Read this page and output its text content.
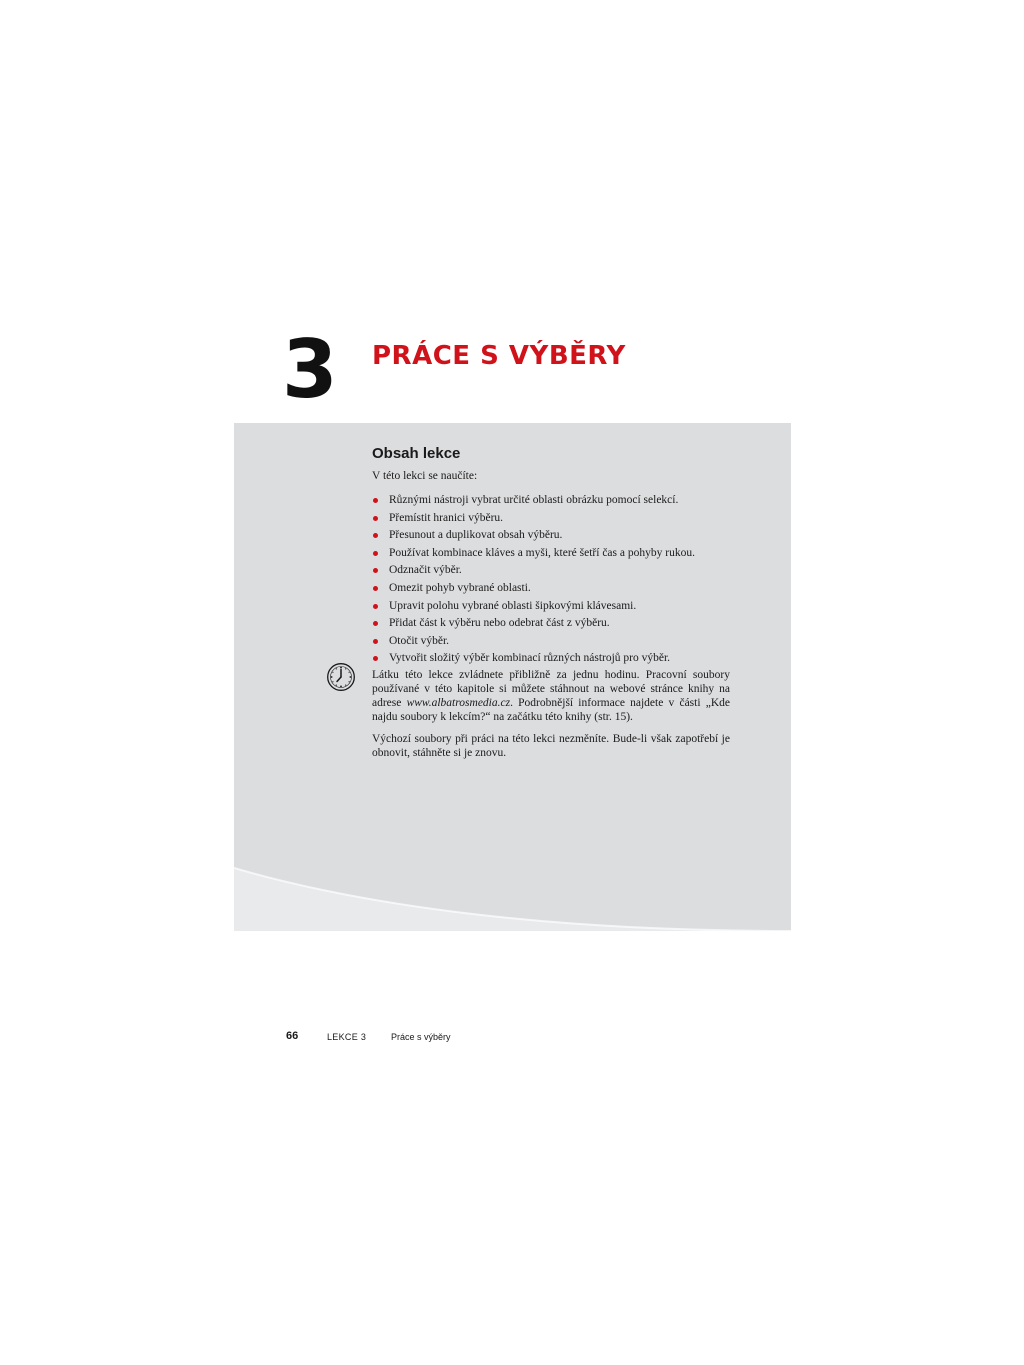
3 PRÁCE S VÝBĚRY
Obsah lekce

V této lekci se naučíte:

Různými nástroji vybrat určité oblasti obrázku pomocí selekcí.
Přemístit hranici výběru.
Přesunout a duplikovat obsah výběru.
Používat kombinace kláves a myši, které šetří čas a pohyby rukou.
Odznačit výběr.
Omezit pohyb vybrané oblasti.
Upravit polohu vybrané oblasti šipkovými klávesami.
Přidat část k výběru nebo odebrat část z výběru.
Otočit výběr.
Vytvořit složitý výběr kombinací různých nástrojů pro výběr.

Látku této lekce zvládnete přibližně za jednu hodinu. Pracovní soubory používané v této kapitole si můžete stáhnout na webové stránce knihy na adrese www.albatrosmedia.cz. Podrobnější informace najdete v části „Kde najdu soubory k lekcím?“ na začátku této knihy (str. 15).

Výchozí soubory při práci na této lekci nezměníte. Bude-li však zapotřebí je obnovit, stáhněte si je znovu.

66	LEKCE 3	Práce s výběry
